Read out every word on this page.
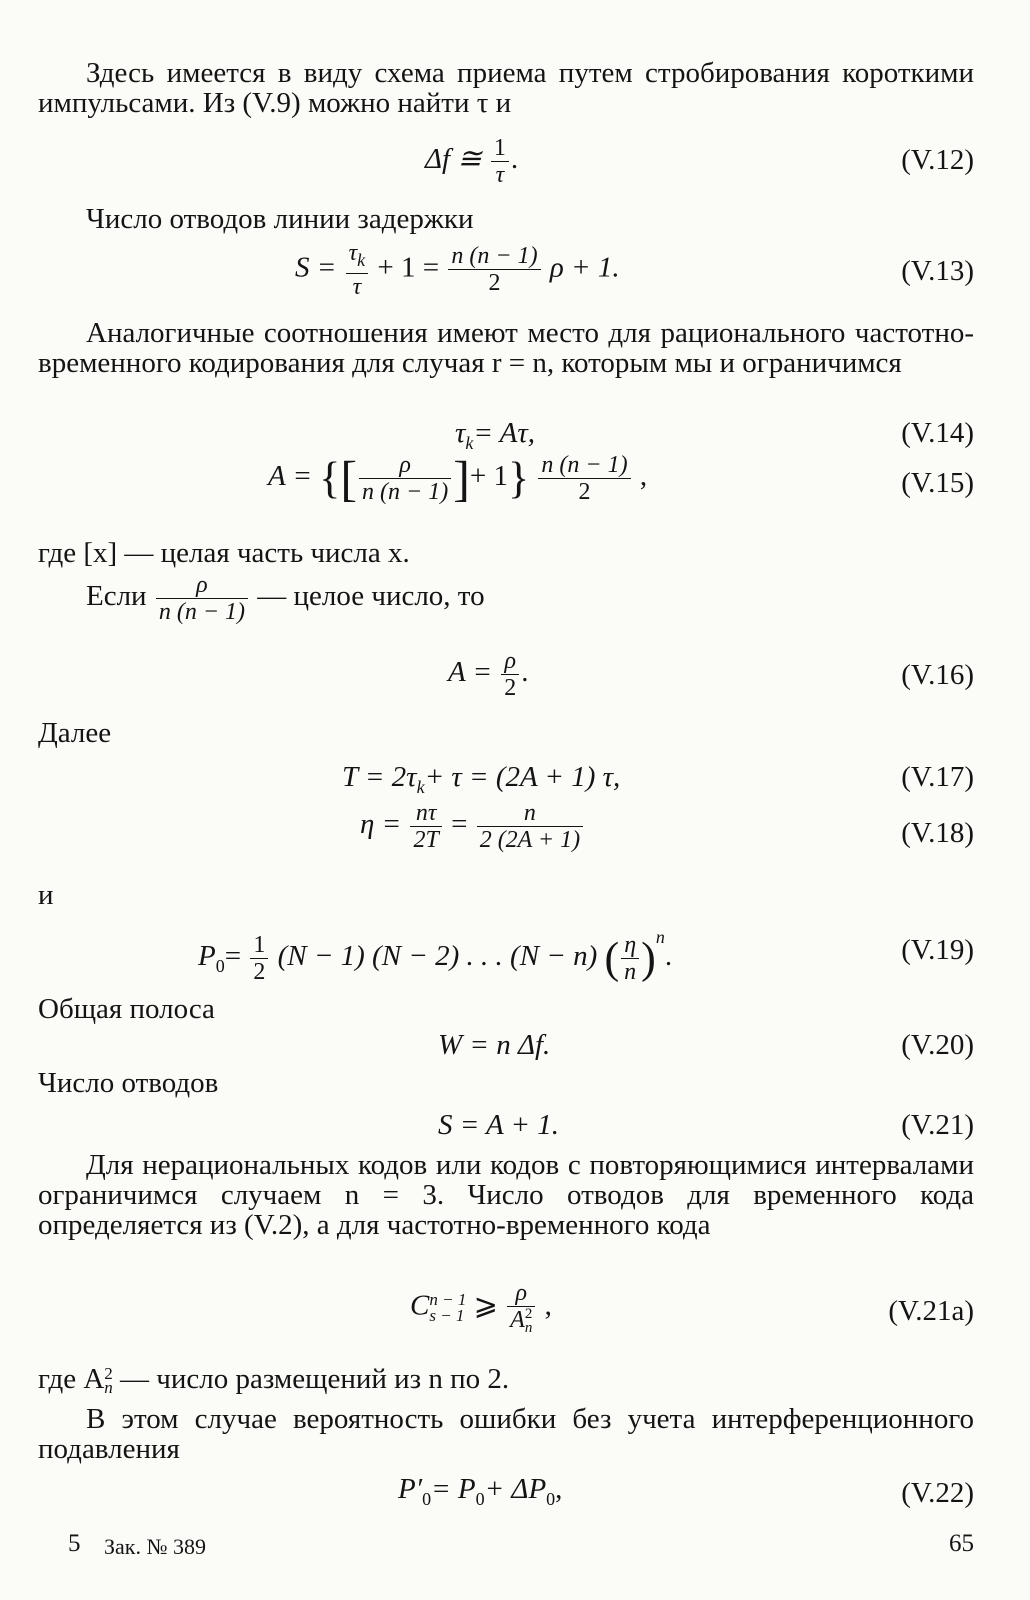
Здесь имеется в виду схема приема путем стробирования короткими импульсами. Из (V.9) можно найти τ и
Δf ≅ $\frac{1}{\tau}$ .	(V.12)
Число отводов линии задержки
$S = \frac{\tau_k}{\tau} + 1 = \frac{n (n - 1)}{2}$ ρ + 1.	(V.13)
Аналогичные соотношения имеют место для рационального частотно-временного кодирования для случая r = n, которым мы и ограничимся
$\tau_k= A\tau$,	(V.14)
A = {[ $\frac{\rho}{n (n - 1)}$ ]+ $1\} \frac{n (n - 1)}{2}$ ,	(V.15)
где [x] — целая часть числа x.
Если $\frac{\rho}{n (n - 1)}$ — целое число, то
$A = \frac{\rho}{2}$ .	(V.16)
Далее
$T = 2\tau_k+ \tau = (2A + 1)$ τ,	(V.17)
$\eta = \frac{n\tau}{2T} = \frac{n}{2 (2A + 1)}$	(V.18)
и
$P_0= \frac{1}{2} (N - 1) (N - 2)$ . . . (N − n) ( $\frac{\eta}{n} )^n$.	(V.19)
Общая полоса
W = n Δf.	(V.20)
Число отводов
S = A + 1.	(V.21)
Для нерациональных кодов или кодов с повторяющимися интервалами ограничимся случаем n = 3. Число отводов для временного кода определяется из (V.2), а для частотно-временного кода
C n − 1
s − 1 ⩾ ρ
A 2
n ,	(V.21a)
где A 2
n — число размещений из n по 2.
В этом случае вероятность ошибки без учета интерференционного подавления
$P'_0= P_0+ \Delta P_0$,	(V.22)
5 Зак. № 389	65
